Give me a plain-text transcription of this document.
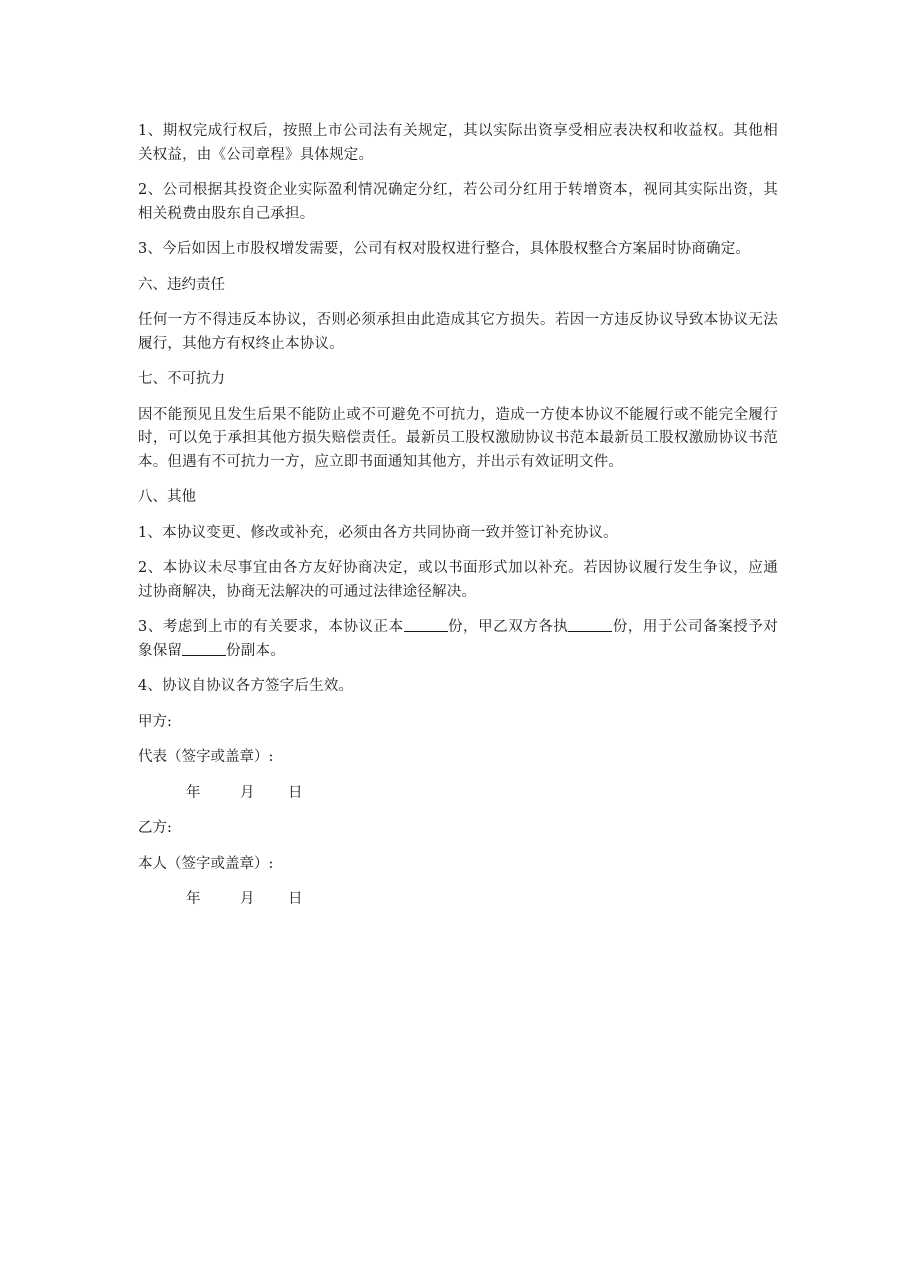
1、期权完成行权后，按照上市公司法有关规定，其以实际出资享受相应表决权和收益权。其他相关权益，由《公司章程》具体规定。

2、公司根据其投资企业实际盈利情况确定分红，若公司分红用于转增资本，视同其实际出资，其相关税费由股东自己承担。

3、今后如因上市股权增发需要，公司有权对股权进行整合，具体股权整合方案届时协商确定。

六、违约责任

任何一方不得违反本协议，否则必须承担由此造成其它方损失。若因一方违反协议导致本协议无法履行，其他方有权终止本协议。

七、不可抗力

因不能预见且发生后果不能防止或不可避免不可抗力，造成一方使本协议不能履行或不能完全履行时，可以免于承担其他方损失赔偿责任。最新员工股权激励协议书范本最新员工股权激励协议书范本。但遇有不可抗力一方，应立即书面通知其他方，并出示有效证明文件。

八、其他

1、本协议变更、修改或补充，必须由各方共同协商一致并签订补充协议。

2、本协议未尽事宜由各方友好协商决定，或以书面形式加以补充。若因协议履行发生争议，应通过协商解决，协商无法解决的可通过法律途径解决。

3、考虑到上市的有关要求，本协议正本	份，甲乙双方各执	份，用于公司备案授予对象保留	份副本。

4、协议自协议各方签字后生效。

甲方:

代表（签字或盖章）:

年	月	日

乙方:

本人（签字或盖章）:

年	月	日
